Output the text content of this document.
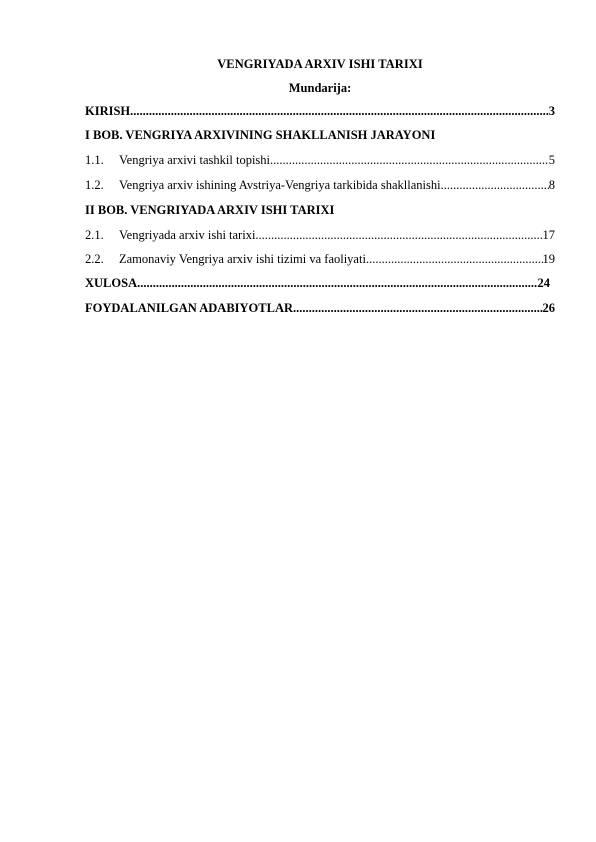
VENGRIYADA ARXIV ISHI TARIXI
Mundarija:
KIRISH .....	3
I BOB. VENGRIYA ARXIVINING SHAKLLANISH JARAYONI
1.1.	Vengriya arxivi tashkil topishi .....	5
1.2.	Vengriya arxiv ishining Avstriya-Vengriya tarkibida shakllanishi .....	8
II BOB. VENGRIYADA ARXIV ISHI TARIXI
2.1.	Vengriyada arxiv ishi tarixi .....	17
2.2.	Zamonaviy Vengriya arxiv ishi tizimi va faoliyati .....	19
XULOSA .....	24
FOYDALANILGAN ADABIYOTLAR .....	26
